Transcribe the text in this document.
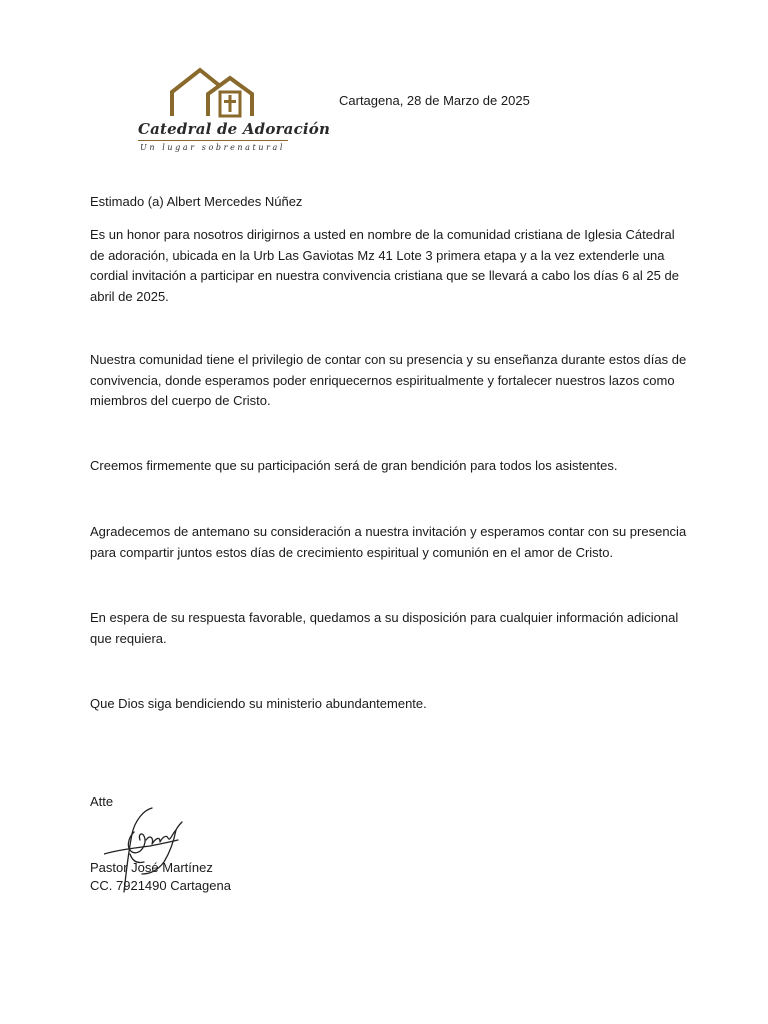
Catedral de Adoración
Un lugar sobrenatural
Cartagena, 28 de Marzo de 2025
Estimado (a) Albert Mercedes Núñez
Es un honor para nosotros dirigirnos a usted en nombre de la comunidad cristiana de Iglesia Cátedral de adoración, ubicada en la Urb Las Gaviotas Mz 41 Lote 3 primera etapa y a la vez extenderle una cordial invitación a participar en nuestra convivencia cristiana que se llevará a cabo los días 6 al 25 de abril de 2025.
Nuestra comunidad tiene el privilegio de contar con su presencia y su enseñanza durante estos días de convivencia, donde esperamos poder enriquecernos espiritualmente y fortalecer nuestros lazos como miembros del cuerpo de Cristo.
Creemos firmemente que su participación será de gran bendición para todos los asistentes.
Agradecemos de antemano su consideración a nuestra invitación y esperamos contar con su presencia para compartir juntos estos días de crecimiento espiritual y comunión en el amor de Cristo.
En espera de su respuesta favorable, quedamos a su disposición para cualquier información adicional que requiera.
Que Dios siga bendiciendo su ministerio abundantemente.
Atte
Pastor José Martínez
CC. 7921490 Cartagena
